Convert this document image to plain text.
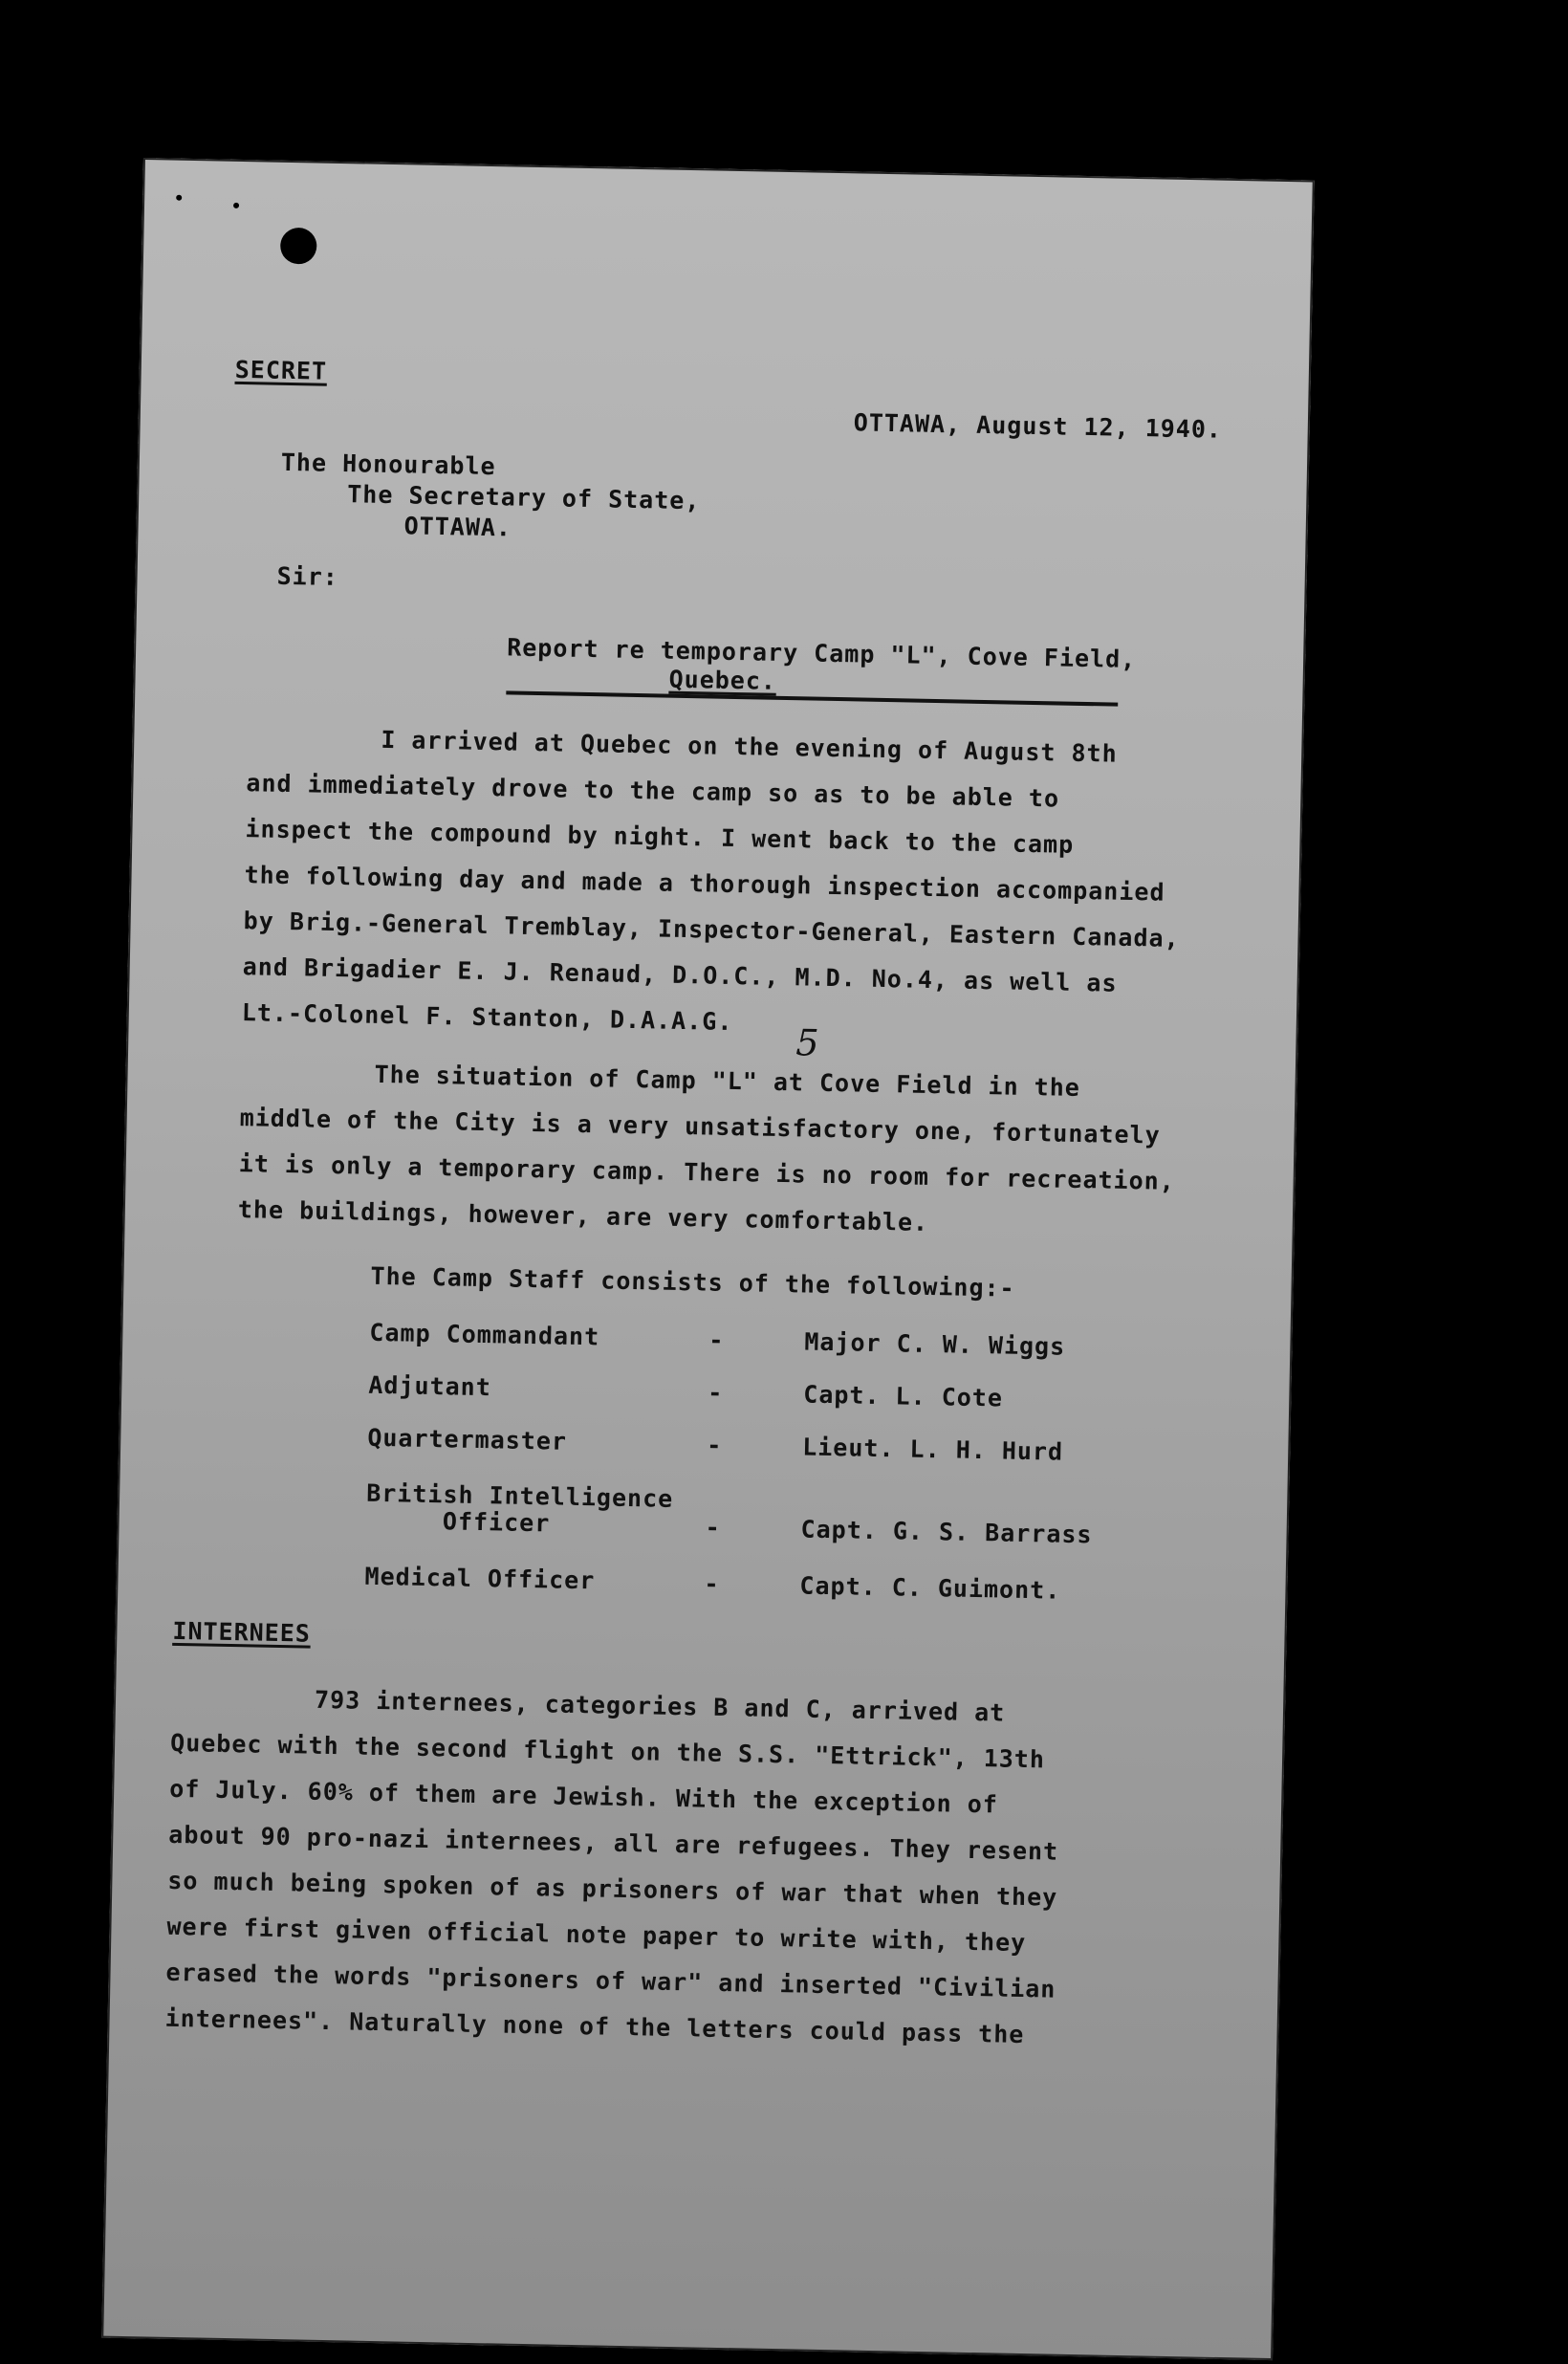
SECRET
OTTAWA, August 12, 1940.
The Honourable
The Secretary of State,
OTTAWA.
Sir:
Report re temporary Camp "L", Cove Field,
Quebec.
I arrived at Quebec on the evening of August 8th
and immediately drove to the camp so as to be able to
inspect the compound by night. I went back to the camp
the following day and made a thorough inspection accompanied
by Brig.-General Tremblay, Inspector-General, Eastern Canada,
and Brigadier E. J. Renaud, D.O.C., M.D. No.4, as well as
Lt.-Colonel F. Stanton, D.A.A.G.
5
The situation of Camp "L" at Cove Field in the
middle of the City is a very unsatisfactory one, fortunately
it is only a temporary camp. There is no room for recreation,
the buildings, however, are very comfortable.
The Camp Staff consists of the following:-
Camp Commandant	-	Major C. W. Wiggs
Adjutant	-	Capt. L. Cote
Quartermaster	-	Lieut. L. H. Hurd
British Intelligence
Officer	-	Capt. G. S. Barrass
Medical Officer	-	Capt. C. Guimont.
INTERNEES
793 internees, categories B and C, arrived at
Quebec with the second flight on the S.S. "Ettrick", 13th
of July. 60% of them are Jewish. With the exception of
about 90 pro-nazi internees, all are refugees. They resent
so much being spoken of as prisoners of war that when they
were first given official note paper to write with, they
erased the words "prisoners of war" and inserted "Civilian
internees". Naturally none of the letters could pass the
